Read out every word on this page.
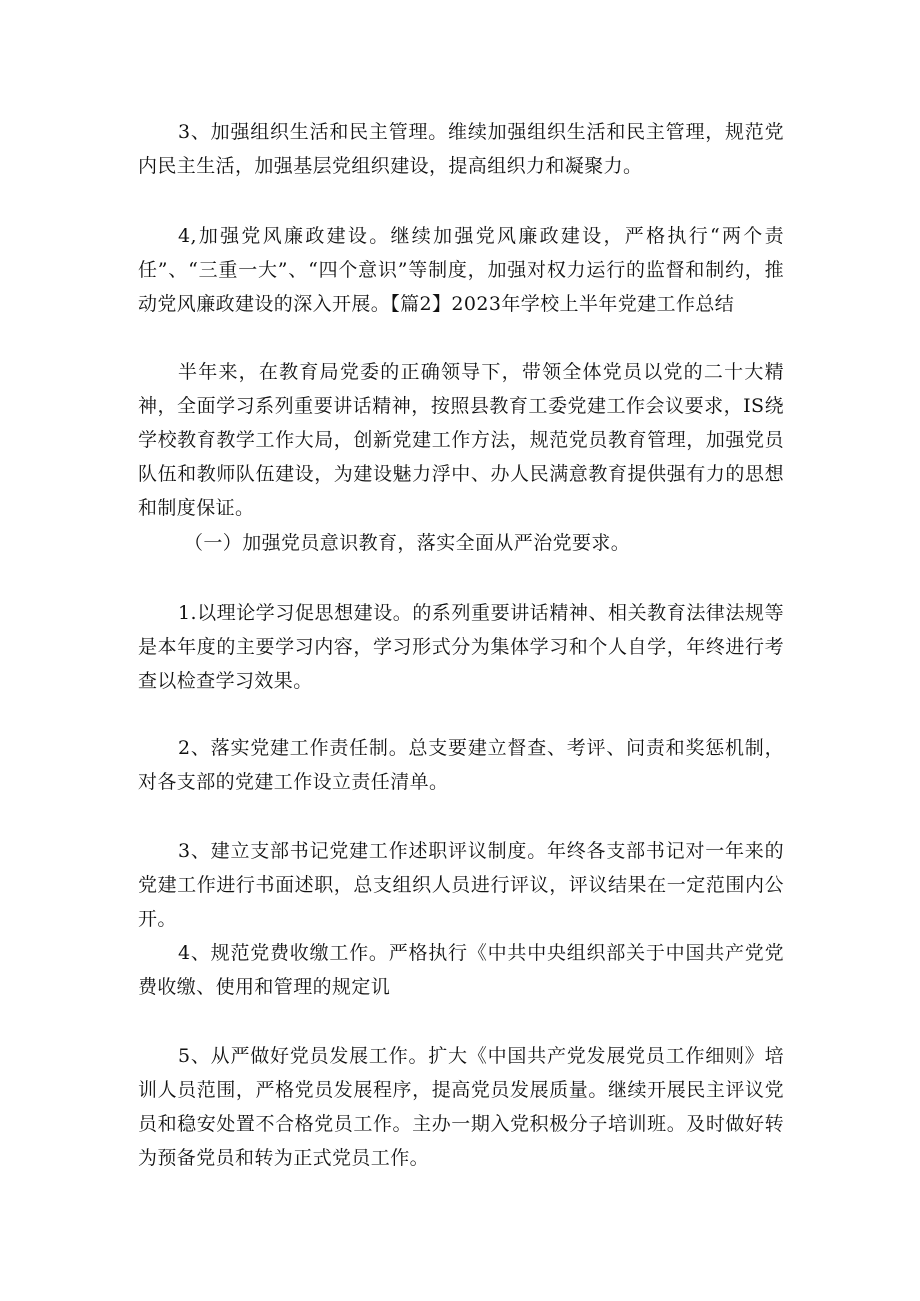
3、加强组织生活和民主管理。维续加强组织生活和民主管理，规范党内民主生活，加强基层党组织建设，提高组织力和凝聚力。

4,加强党风廉政建设。继续加强党风廉政建设，严格执行“两个责任”、“三重一大”、“四个意识”等制度，加强对权力运行的监督和制约，推动党风廉政建设的深入开展。【篇2】2023年学校上半年党建工作总结

半年来，在教育局党委的正确领导下，带领全体党员以党的二十大精神，全面学习系列重要讲话精神，按照县教育工委党建工作会议要求，IS绕学校教育教学工作大局，创新党建工作方法，规范党员教育管理，加强党员队伍和教师队伍建设，为建设魅力浮中、办人民满意教育提供强有力的思想和制度保证。

（一）加强党员意识教育，落实全面从严治党要求。

1.以理论学习促思想建设。的系列重要讲话精神、相关教育法律法规等是本年度的主要学习内容，学习形式分为集体学习和个人自学，年终进行考查以检查学习效果。

2、落实党建工作责任制。总支要建立督查、考评、问责和奖惩机制，对各支部的党建工作设立责任清单。

3、建立支部书记党建工作述职评议制度。年终各支部书记对一年来的党建工作进行书面述职，总支组织人员进行评议，评议结果在一定范围内公开。

4、规范党费收缴工作。严格执行《中共中央组织部关于中国共产党党费收缴、使用和管理的规定讥

5、从严做好党员发展工作。扩大《中国共产党发展党员工作细则》培训人员范围，严格党员发展程序，提高党员发展质量。继续开展民主评议党员和稳安处置不合格党员工作。主办一期入党积极分子培训班。及时做好转为预备党员和转为正式党员工作。
